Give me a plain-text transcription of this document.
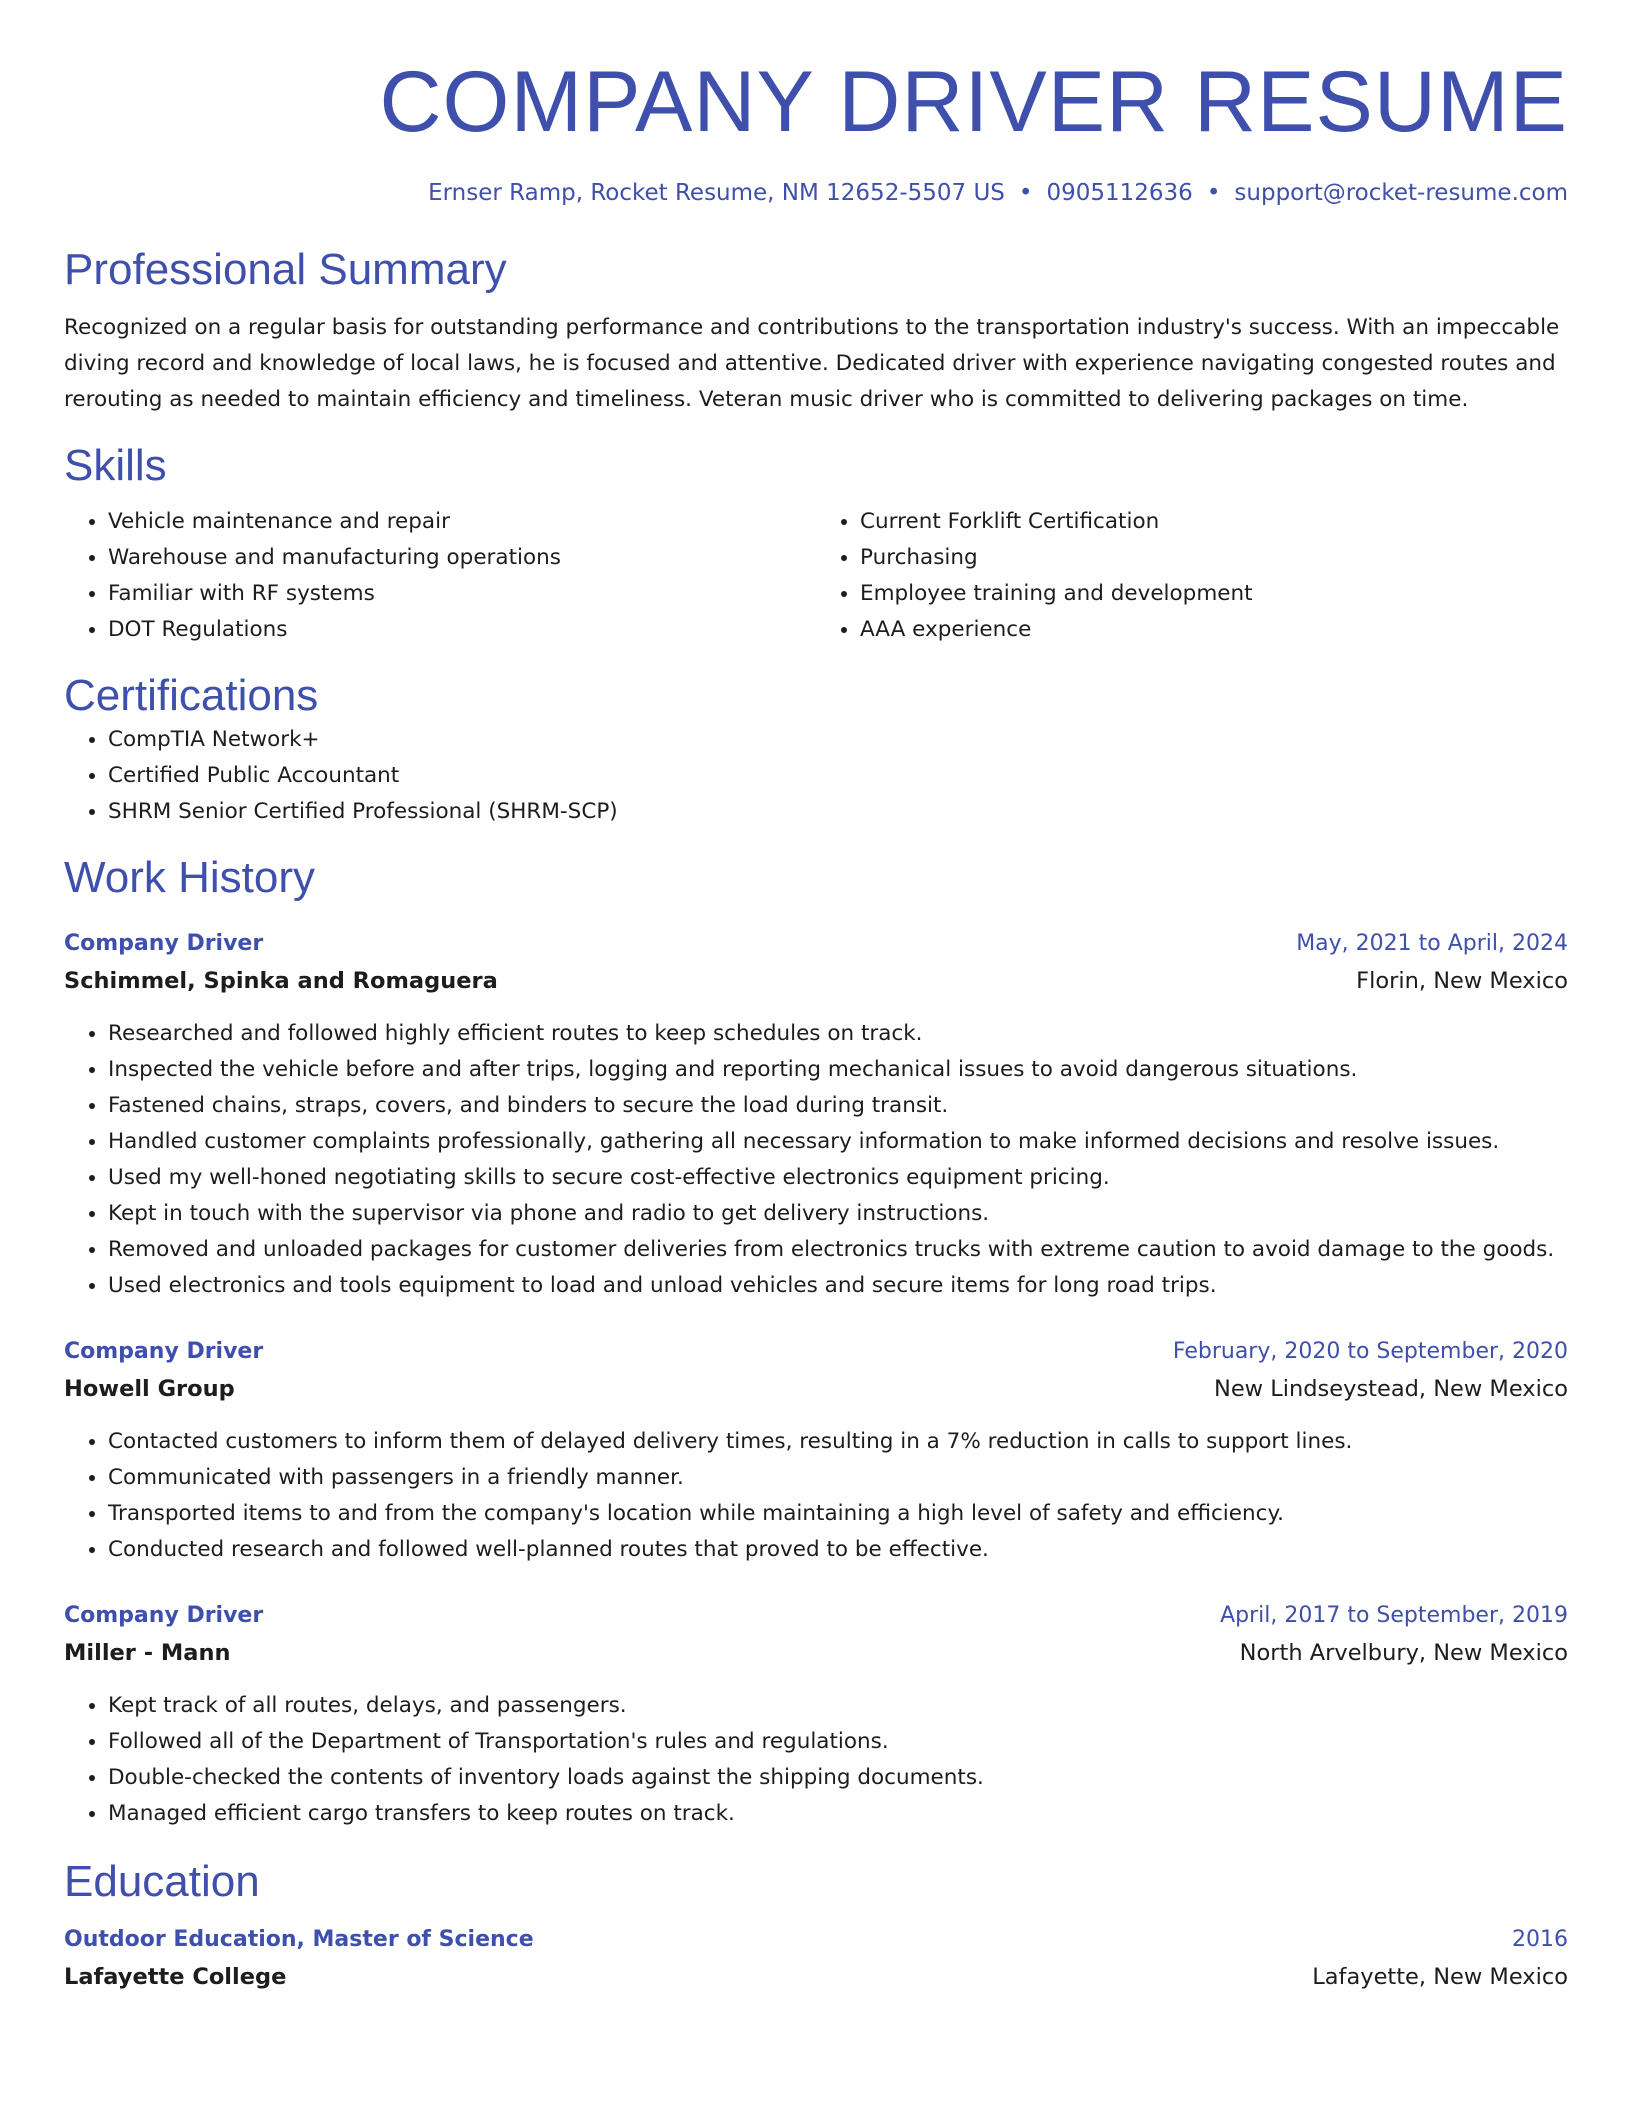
COMPANY DRIVER RESUME
Ernser Ramp, Rocket Resume, NM 12652-5507 US • 0905112636 • support@rocket-resume.com
Professional Summary

Recognized on a regular basis for outstanding performance and contributions to the transportation industry's success. With an impeccable diving record and knowledge of local laws, he is focused and attentive. Dedicated driver with experience navigating congested routes and rerouting as needed to maintain efficiency and timeliness. Veteran music driver who is committed to delivering packages on time.

Skills
• Vehicle maintenance and repair
• Warehouse and manufacturing operations
• Familiar with RF systems
• DOT Regulations
• Current Forklift Certification
• Purchasing
• Employee training and development
• AAA experience
Certifications
• CompTIA Network+
• Certified Public Accountant
• SHRM Senior Certified Professional (SHRM-SCP)
Work History
Company Driver	May, 2021 to April, 2024
Schimmel, Spinka and Romaguera	Florin, New Mexico
• Researched and followed highly efficient routes to keep schedules on track.
• Inspected the vehicle before and after trips, logging and reporting mechanical issues to avoid dangerous situations.
• Fastened chains, straps, covers, and binders to secure the load during transit.
• Handled customer complaints professionally, gathering all necessary information to make informed decisions and resolve issues.
• Used my well-honed negotiating skills to secure cost-effective electronics equipment pricing.
• Kept in touch with the supervisor via phone and radio to get delivery instructions.
• Removed and unloaded packages for customer deliveries from electronics trucks with extreme caution to avoid damage to the goods.
• Used electronics and tools equipment to load and unload vehicles and secure items for long road trips.
Company Driver	February, 2020 to September, 2020
Howell Group	New Lindseystead, New Mexico
• Contacted customers to inform them of delayed delivery times, resulting in a 7% reduction in calls to support lines.
• Communicated with passengers in a friendly manner.
• Transported items to and from the company's location while maintaining a high level of safety and efficiency.
• Conducted research and followed well-planned routes that proved to be effective.
Company Driver	April, 2017 to September, 2019
Miller - Mann	North Arvelbury, New Mexico
• Kept track of all routes, delays, and passengers.
• Followed all of the Department of Transportation's rules and regulations.
• Double-checked the contents of inventory loads against the shipping documents.
• Managed efficient cargo transfers to keep routes on track.
Education
Outdoor Education, Master of Science	2016
Lafayette College	Lafayette, New Mexico
